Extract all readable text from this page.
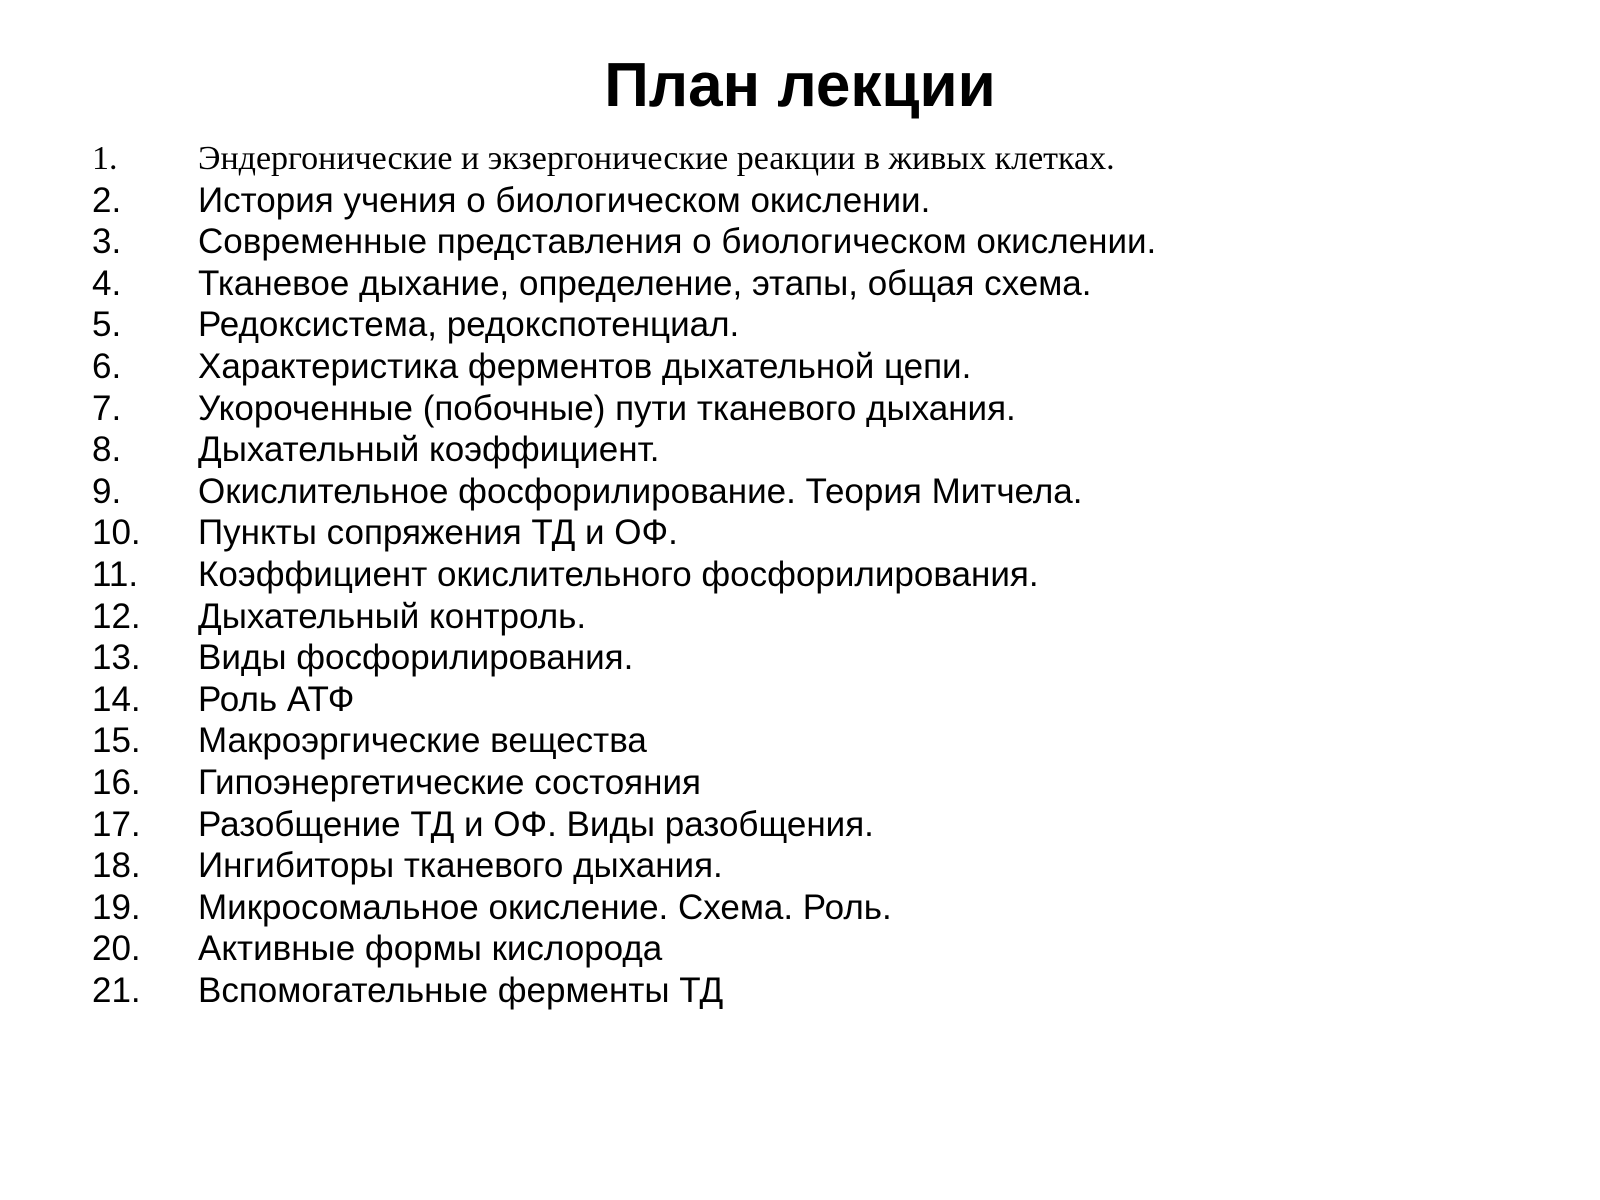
План лекции
1. Эндергонические и экзергонические реакции в живых клетках.
2. История учения о биологическом окислении.
3. Современные представления о биологическом окислении.
4. Тканевое дыхание, определение, этапы, общая схема.
5. Редоксистема, редокспотенциал.
6. Характеристика ферментов дыхательной цепи.
7. Укороченные (побочные) пути тканевого дыхания.
8. Дыхательный коэффициент.
9. Окислительное фосфорилирование. Теория Митчела.
10. Пункты сопряжения ТД и ОФ.
11. Коэффициент окислительного фосфорилирования.
12. Дыхательный контроль.
13. Виды фосфорилирования.
14. Роль АТФ
15. Макроэргические вещества
16. Гипоэнергетические состояния
17. Разобщение ТД и ОФ. Виды разобщения.
18. Ингибиторы тканевого дыхания.
19. Микросомальное окисление. Схема. Роль.
20. Активные формы кислорода
21. Вспомогательные ферменты ТД
